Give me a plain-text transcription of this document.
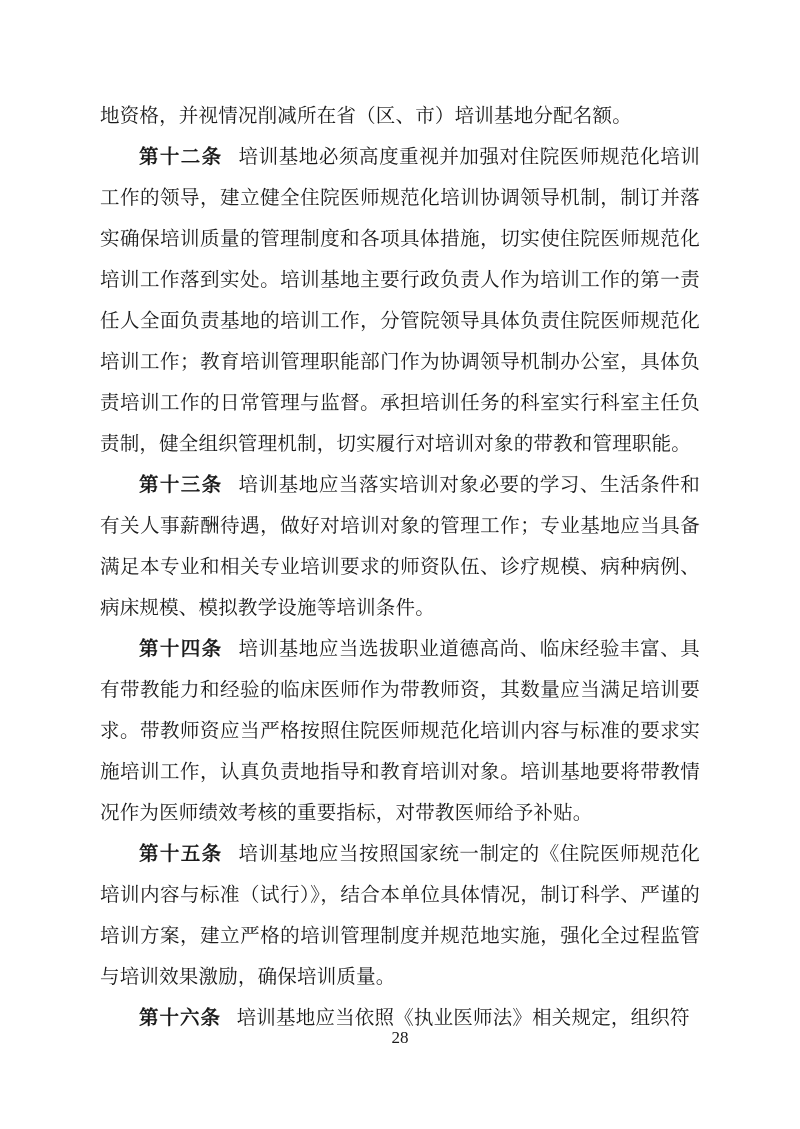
地资格，并视情况削减所在省（区、市）培训基地分配名额。

第十二条 培训基地必须高度重视并加强对住院医师规范化培训工作的领导，建立健全住院医师规范化培训协调领导机制，制订并落实确保培训质量的管理制度和各项具体措施，切实使住院医师规范化培训工作落到实处。培训基地主要行政负责人作为培训工作的第一责任人全面负责基地的培训工作，分管院领导具体负责住院医师规范化培训工作；教育培训管理职能部门作为协调领导机制办公室，具体负责培训工作的日常管理与监督。承担培训任务的科室实行科室主任负责制，健全组织管理机制，切实履行对培训对象的带教和管理职能。

第十三条 培训基地应当落实培训对象必要的学习、生活条件和有关人事薪酬待遇，做好对培训对象的管理工作；专业基地应当具备满足本专业和相关专业培训要求的师资队伍、诊疗规模、病种病例、病床规模、模拟教学设施等培训条件。

第十四条 培训基地应当选拔职业道德高尚、临床经验丰富、具有带教能力和经验的临床医师作为带教师资，其数量应当满足培训要求。带教师资应当严格按照住院医师规范化培训内容与标准的要求实施培训工作，认真负责地指导和教育培训对象。培训基地要将带教情况作为医师绩效考核的重要指标，对带教医师给予补贴。

第十五条 培训基地应当按照国家统一制定的《住院医师规范化培训内容与标准（试行）》，结合本单位具体情况，制订科学、严谨的培训方案，建立严格的培训管理制度并规范地实施，强化全过程监管与培训效果激励，确保培训质量。

第十六条 培训基地应当依照《执业医师法》相关规定，组织符

28
